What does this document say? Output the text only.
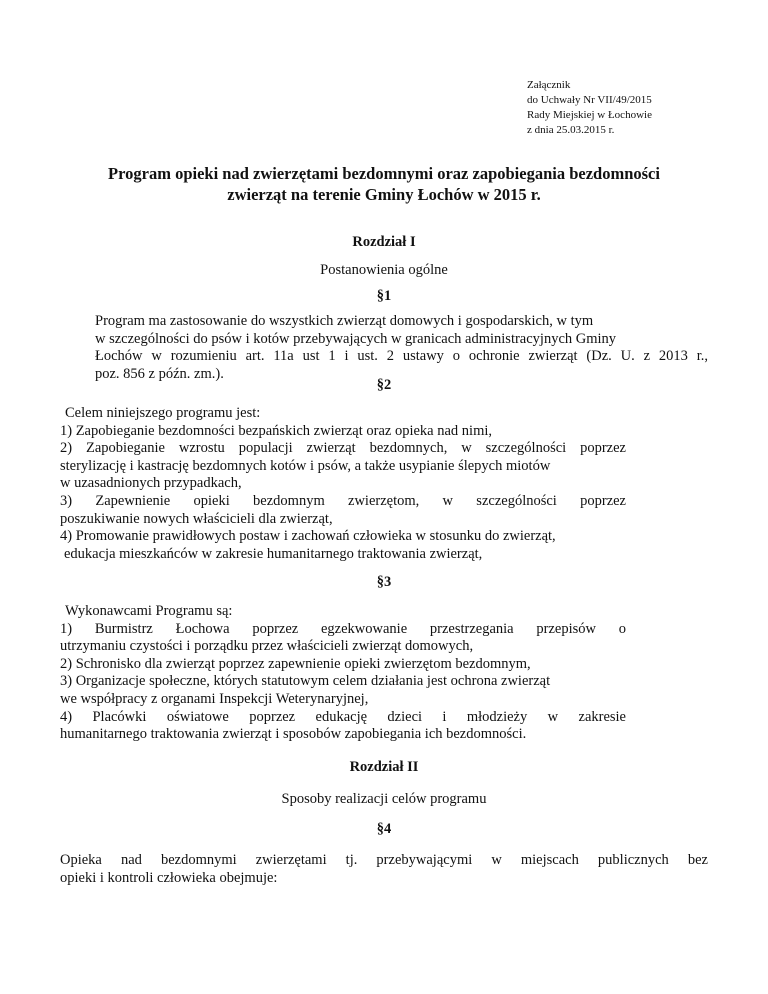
Załącznik
do Uchwały Nr VII/49/2015
Rady Miejskiej w Łochowie
z dnia 25.03.2015 r.
Program opieki nad zwierzętami bezdomnymi oraz zapobiegania bezdomności
zwierząt na terenie Gminy Łochów w 2015 r.
Rozdział I
Postanowienia ogólne
§1
Program ma zastosowanie do wszystkich zwierząt domowych i gospodarskich, w tym
w szczególności do psów i kotów przebywających w granicach administracyjnych Gminy
Łochów w rozumieniu art. 11a ust 1 i ust. 2 ustawy o ochronie zwierząt (Dz. U. z 2013 r.,
poz. 856 z późn. zm.).
§2
Celem niniejszego programu jest:
1) Zapobieganie bezdomności bezpańskich zwierząt oraz opieka nad nimi,
2) Zapobieganie wzrostu populacji zwierząt bezdomnych, w szczególności poprzez
sterylizację i kastrację bezdomnych kotów i psów, a także usypianie ślepych miotów
w uzasadnionych przypadkach,
3) Zapewnienie opieki bezdomnym zwierzętom, w szczególności poprzez
poszukiwanie nowych właścicieli dla zwierząt,
4) Promowanie prawidłowych postaw i zachowań człowieka w stosunku do zwierząt,
edukacja mieszkańców w zakresie humanitarnego traktowania zwierząt,
§3
Wykonawcami Programu są:
1) Burmistrz Łochowa poprzez egzekwowanie przestrzegania przepisów o
utrzymaniu czystości i porządku przez właścicieli zwierząt domowych,
2) Schronisko dla zwierząt poprzez zapewnienie opieki zwierzętom bezdomnym,
3) Organizacje społeczne, których statutowym celem działania jest ochrona zwierząt
we współpracy z organami Inspekcji Weterynaryjnej,
4) Placówki oświatowe poprzez edukację dzieci i młodzieży w zakresie
humanitarnego traktowania zwierząt i sposobów zapobiegania ich bezdomności.
Rozdział II
Sposoby realizacji celów programu
§4
Opieka nad bezdomnymi zwierzętami tj. przebywającymi w miejscach publicznych bez
opieki i kontroli człowieka obejmuje:
